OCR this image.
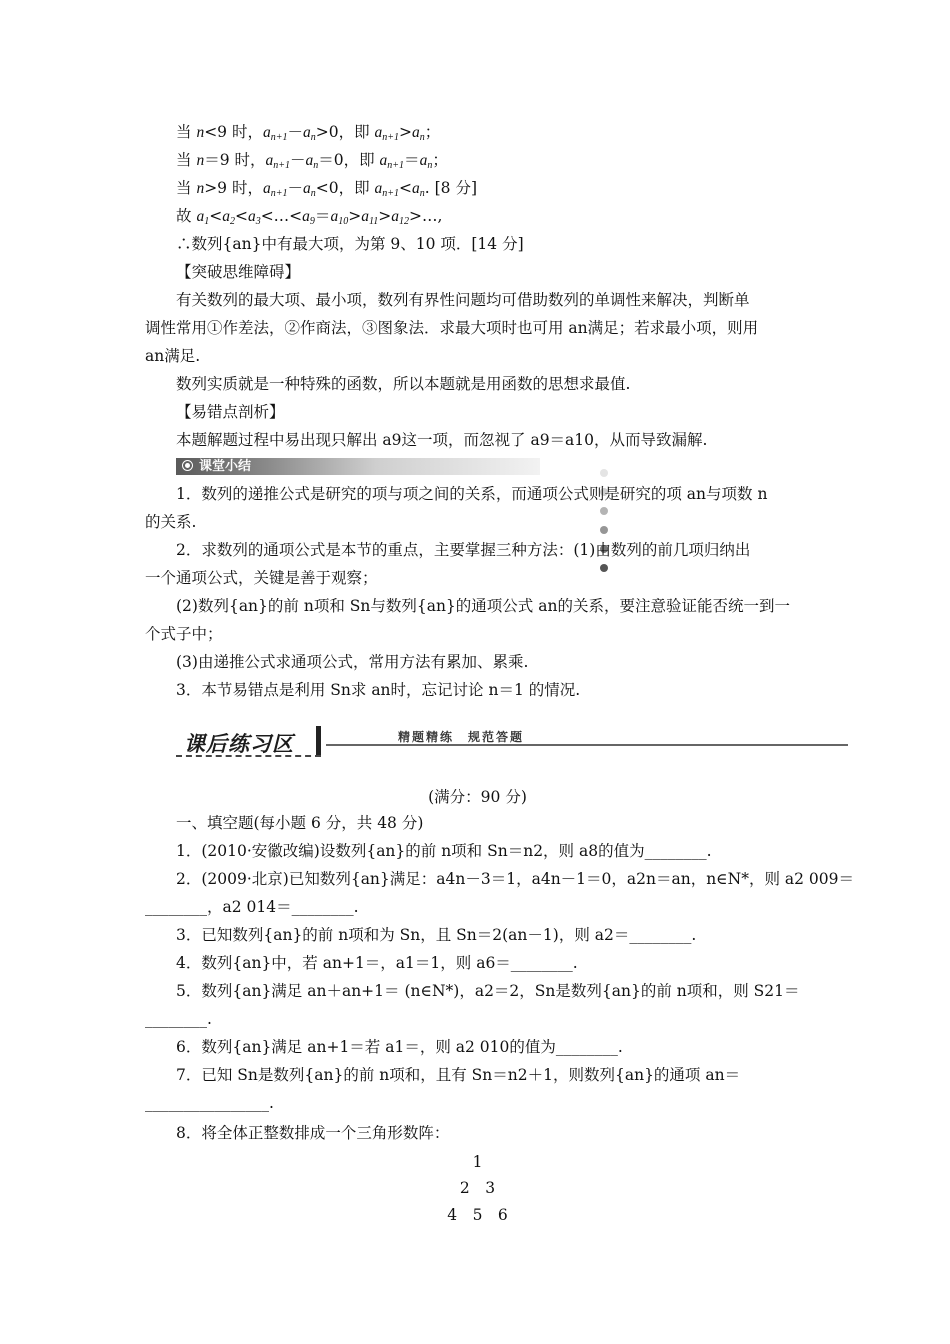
当 n<9 时，$a_{n+1}-a_n>0$，即 $a_{n+1}>a_n$；
当 n＝9 时，$a_{n+1}-a_n=0$，即 $a_{n+1}=a_n$；
当 n>9 时，$a_{n+1}-a_n<0$，即 $a_{n+1}<a_n$. [8 分]
故 $a_1<a_2<a_3<\dots<a_9=a_{10}>a_{11}>a_{12}>\dots$,
∴数列{an}中有最大项，为第 9、10 项．[14 分]
【突破思维障碍】
有关数列的最大项、最小项，数列有界性问题均可借助数列的单调性来解决，判断单
调性常用①作差法，②作商法，③图象法．求最大项时也可用 an满足；若求最小项，则用
an满足.
数列实质就是一种特殊的函数，所以本题就是用函数的思想求最值.
【易错点剖析】
本题解题过程中易出现只解出 a9这一项，而忽视了 a9＝a10，从而导致漏解.
课堂小结
1．数列的递推公式是研究的项与项之间的关系，而通项公式则是研究的项 an与项数 n
的关系.
2．求数列的通项公式是本节的重点，主要掌握三种方法：(1)由数列的前几项归纳出
一个通项公式，关键是善于观察；
(2)数列{an}的前 n项和 Sn与数列{an}的通项公式 an的关系，要注意验证能否统一到一
个式子中；
(3)由递推公式求通项公式，常用方法有累加、累乘.
3．本节易错点是利用 Sn求 an时，忘记讨论 n＝1 的情况.
课后练习区	精题精练　规范答题
(满分：90 分)
一、填空题(每小题 6 分，共 48 分)
1．(2010·安徽改编)设数列{an}的前 n项和 Sn＝n2，则 a8的值为________.
2．(2009·北京)已知数列{an}满足：a4n－3＝1，a4n－1＝0，a2n＝an，n∈N*，则 a2 009＝
________，a2 014＝________.
3．已知数列{an}的前 n项和为 Sn，且 Sn＝2(an－1)，则 a2＝________.
4．数列{an}中，若 an+1＝，a1＝1，则 a6＝________.
5．数列{an}满足 an＋an+1＝ (n∈N*)，a2＝2，Sn是数列{an}的前 n项和，则 S21＝
________.
6．数列{an}满足 an+1＝若 a1＝，则 a2 010的值为________.
7．已知 Sn是数列{an}的前 n项和，且有 Sn＝n2＋1，则数列{an}的通项 an＝
________________.
8．将全体正整数排成一个三角形数阵：
1
2　3
4　5　6
